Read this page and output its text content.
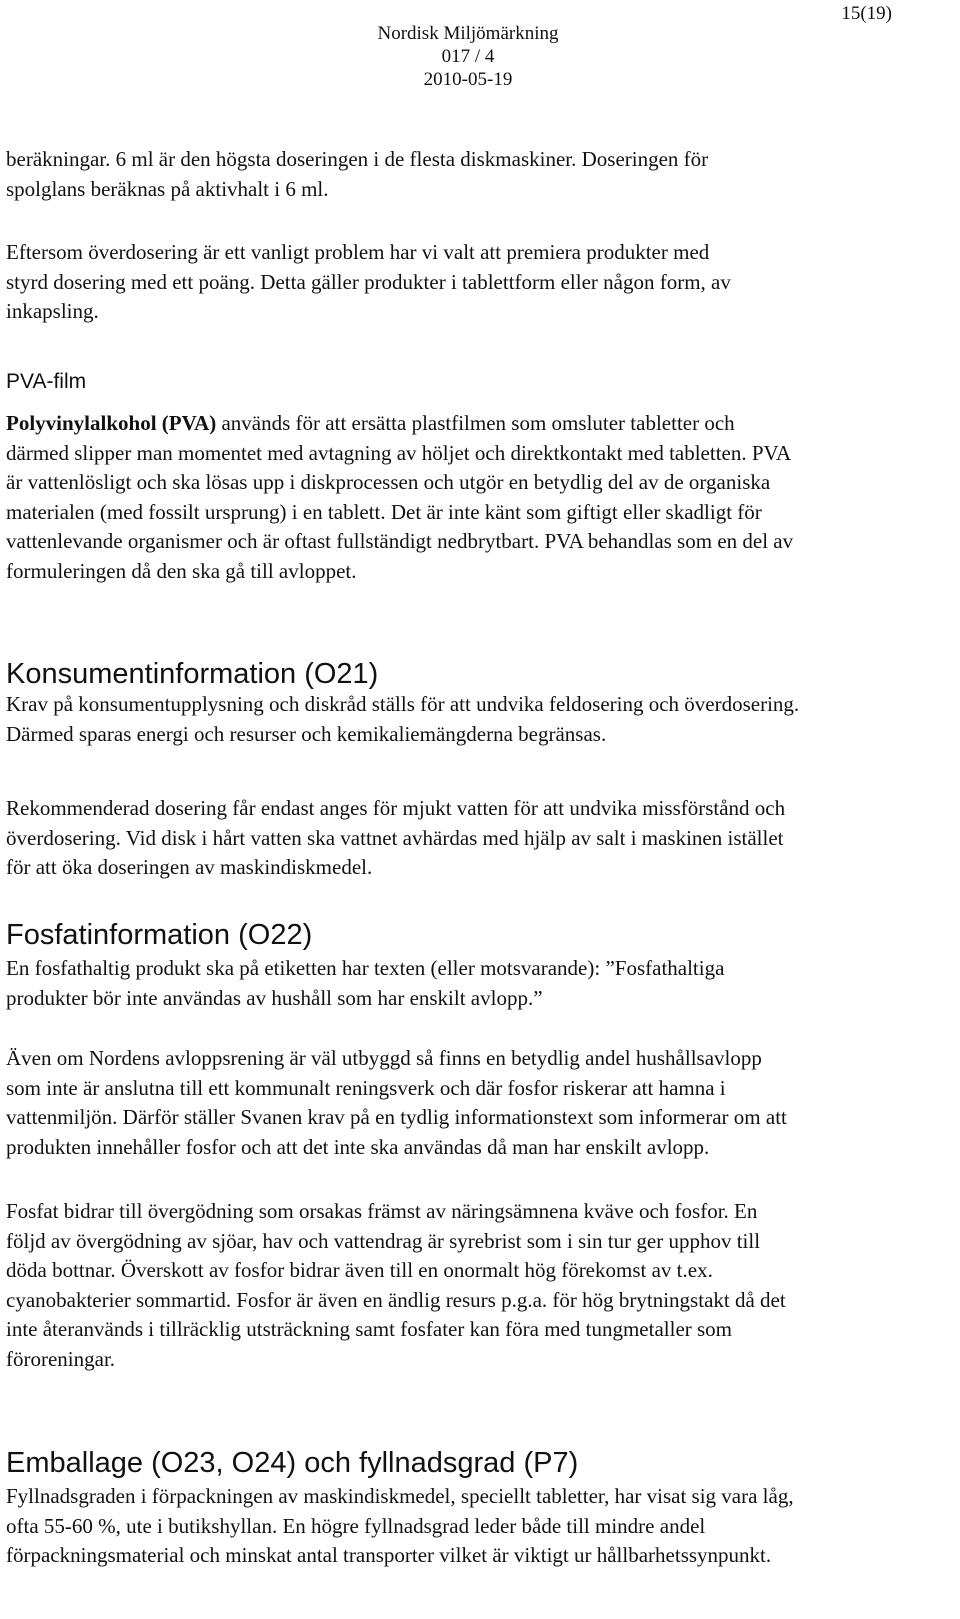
15(19)
Nordisk Miljömärkning
017 / 4
2010-05-19
beräkningar. 6 ml är den högsta doseringen i de flesta diskmaskiner. Doseringen för
spolglans beräknas på aktivhalt i 6 ml.
Eftersom överdosering är ett vanligt problem har vi valt att premiera produkter med
styrd dosering med ett poäng. Detta gäller produkter i tablettform eller någon form, av
inkapsling.
PVA-film
Polyvinylalkohol (PVA) används för att ersätta plastfilmen som omsluter tabletter och
därmed slipper man momentet med avtagning av höljet och direktkontakt med tabletten. PVA
är vattenlösligt och ska lösas upp i diskprocessen och utgör en betydlig del av de organiska
materialen (med fossilt ursprung) i en tablett. Det är inte känt som giftigt eller skadligt för
vattenlevande organismer och är oftast fullständigt nedbrytbart. PVA behandlas som en del av
formuleringen då den ska gå till avloppet.
Konsumentinformation (O21)
Krav på konsumentupplysning och diskråd ställs för att undvika feldosering och överdosering.
Därmed sparas energi och resurser och kemikaliemängderna begränsas.
Rekommenderad dosering får endast anges för mjukt vatten för att undvika missförstånd och
överdosering. Vid disk i hårt vatten ska vattnet avhärdas med hjälp av salt i maskinen istället
för att öka doseringen av maskindiskmedel.
Fosfatinformation (O22)
En fosfathaltig produkt ska på etiketten har texten (eller motsvarande): ”Fosfathaltiga
produkter bör inte användas av hushåll som har enskilt avlopp.”
Även om Nordens avloppsrening är väl utbyggd så finns en betydlig andel hushållsavlopp
som inte är anslutna till ett kommunalt reningsverk och där fosfor riskerar att hamna i
vattenmiljön. Därför ställer Svanen krav på en tydlig informationstext som informerar om att
produkten innehåller fosfor och att det inte ska användas då man har enskilt avlopp.
Fosfat bidrar till övergödning som orsakas främst av näringsämnena kväve och fosfor. En
följd av övergödning av sjöar, hav och vattendrag är syrebrist som i sin tur ger upphov till
döda bottnar. Överskott av fosfor bidrar även till en onormalt hög förekomst av t.ex.
cyanobakterier sommartid. Fosfor är även en ändlig resurs p.g.a. för hög brytningstakt då det
inte återanvänds i tillräcklig utsträckning samt fosfater kan föra med tungmetaller som
föroreningar.
Emballage (O23, O24) och fyllnadsgrad (P7)
Fyllnadsgraden i förpackningen av maskindiskmedel, speciellt tabletter, har visat sig vara låg,
ofta 55-60 %, ute i butikshyllan. En högre fyllnadsgrad leder både till mindre andel
förpackningsmaterial och minskat antal transporter vilket är viktigt ur hållbarhetssynpunkt.
